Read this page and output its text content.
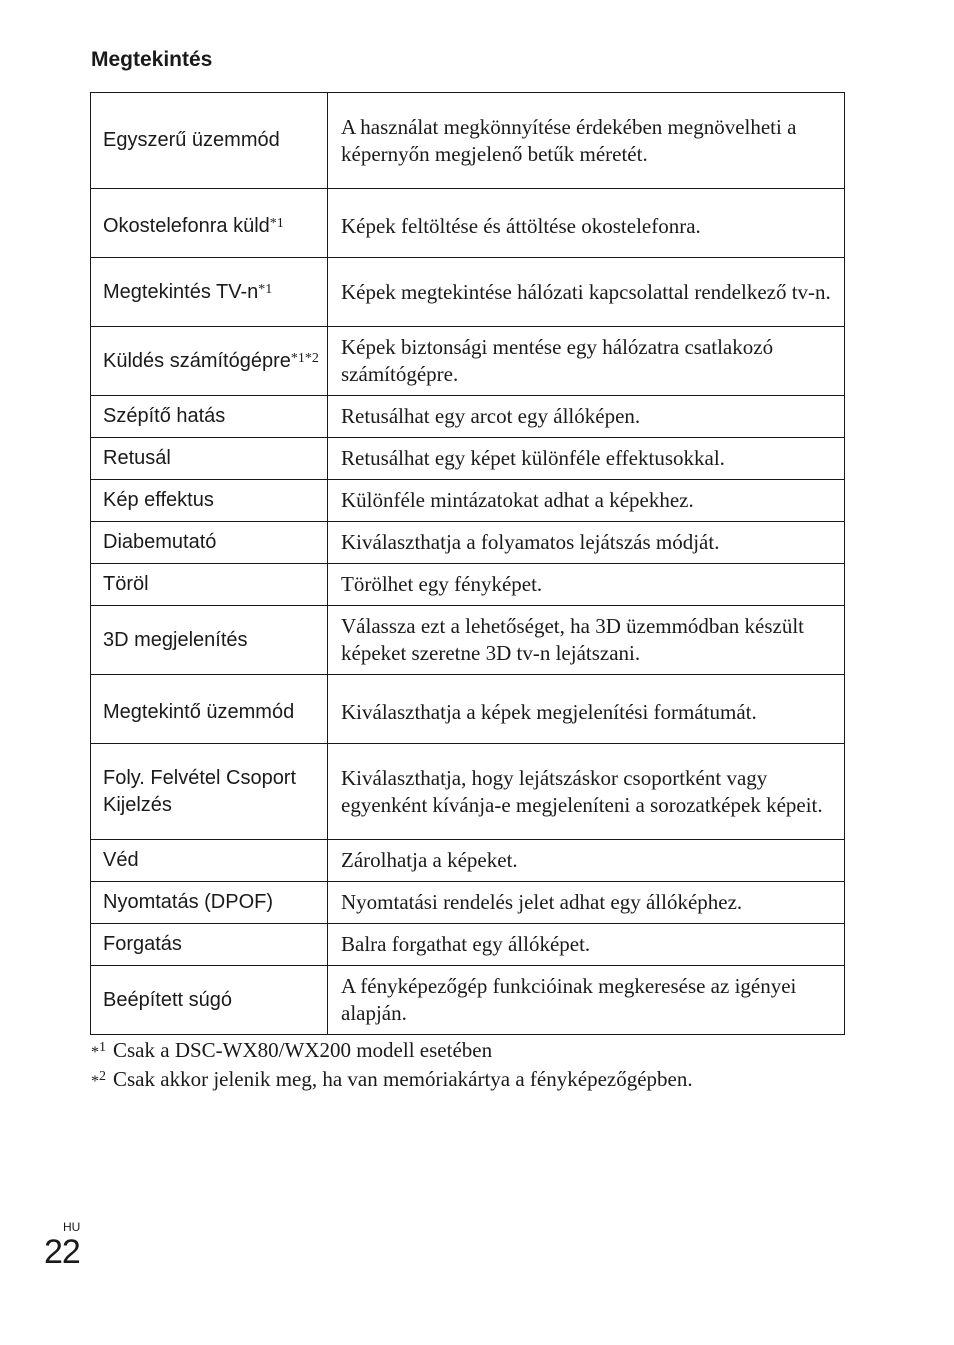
Megtekintés
Egyszerű üzemmód	A használat megkönnyítése érdekében megnövelheti a képernyőn megjelenő betűk méretét.
Okostelefonra küld$^{*1}$	Képek feltöltése és áttöltése okostelefonra.
Megtekintés TV-n$^{*1}$	Képek megtekintése hálózati kapcsolattal rendelkező tv-n.
Küldés számítógépre$^{*1*2}$	Képek biztonsági mentése egy hálózatra csatlakozó számítógépre.
Szépítő hatás	Retusálhat egy arcot egy állóképen.
Retusál	Retusálhat egy képet különféle effektusokkal.
Kép effektus	Különféle mintázatokat adhat a képekhez.
Diabemutató	Kiválaszthatja a folyamatos lejátszás módját.
Töröl	Törölhet egy fényképet.
3D megjelenítés	Válassza ezt a lehetőséget, ha 3D üzemmódban készült képeket szeretne 3D tv-n lejátszani.
Megtekintő üzemmód	Kiválaszthatja a képek megjelenítési formátumát.
Foly. Felvétel Csoport Kijelzés	Kiválaszthatja, hogy lejátszáskor csoportként vagy egyenként kívánja-e megjeleníteni a sorozatképek képeit.
Véd	Zárolhatja a képeket.
Nyomtatás (DPOF)	Nyomtatási rendelés jelet adhat egy állóképhez.
Forgatás	Balra forgathat egy állóképet.
Beépített súgó	A fényképezőgép funkcióinak megkeresése az igényei alapján.
*$^1$ Csak a DSC-WX80/WX200 modell esetében
*$^2$ Csak akkor jelenik meg, ha van memóriakártya a fényképezőgépben.
HU
22
